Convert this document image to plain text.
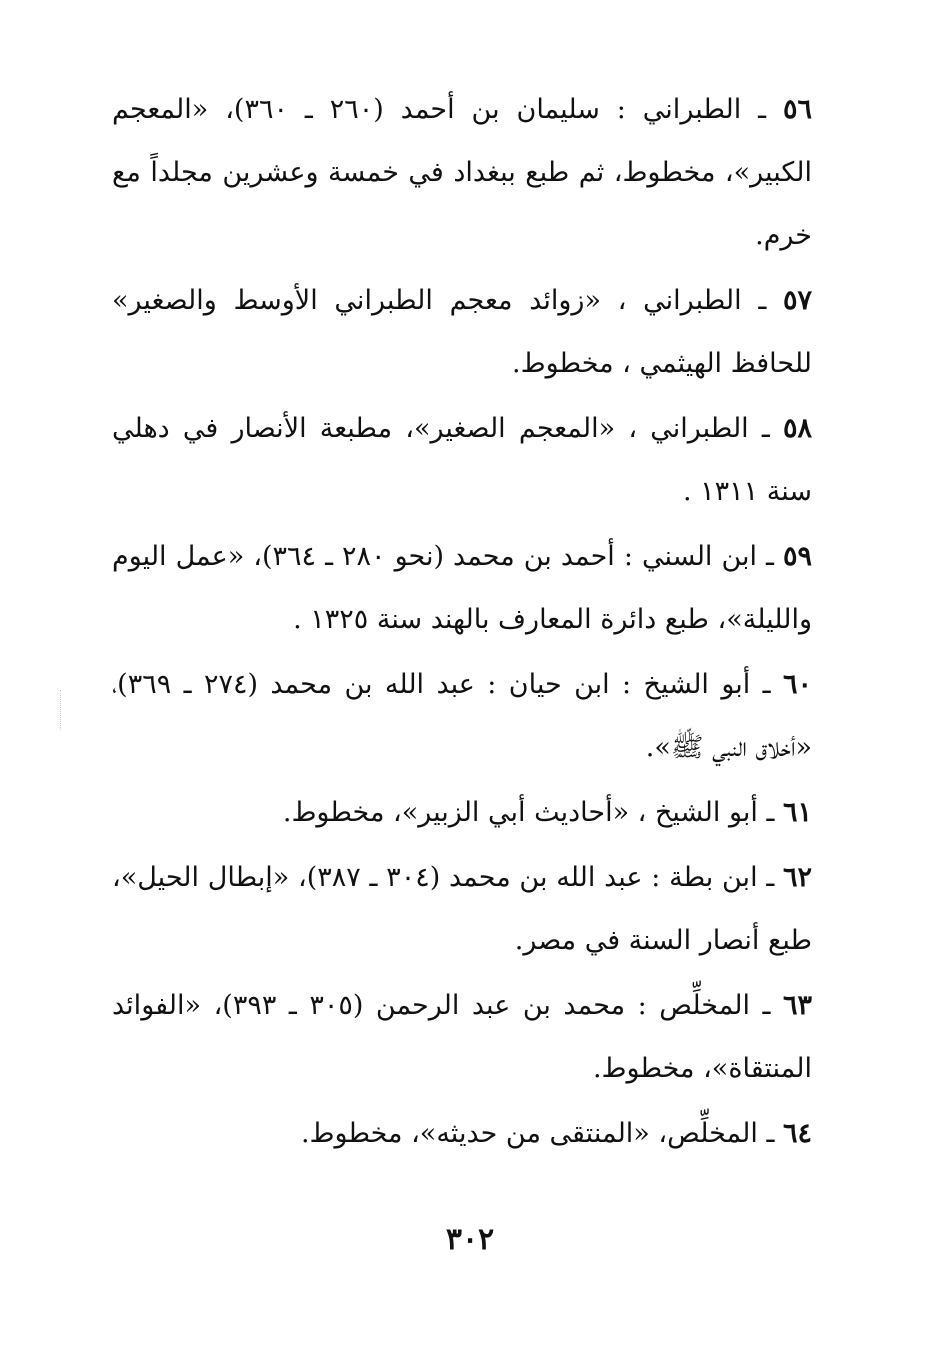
٥٦ ـ الطبراني : سليمان بن أحمد (٢٦٠ ـ ٣٦٠)، «المعجم الكبير»، مخطوط، ثم طبع ببغداد في خمسة وعشرين مجلداً مع خرم.

٥٧ ـ الطبراني ، «زوائد معجم الطبراني الأوسط والصغير» للحافظ الهيثمي ، مخطوط.

٥٨ ـ الطبراني ، «المعجم الصغير»، مطبعة الأنصار في دهلي سنة ١٣١١ .

٥٩ ـ ابن السني : أحمد بن محمد (نحو ٢٨٠ ـ ٣٦٤)، «عمل اليوم والليلة»، طبع دائرة المعارف بالهند سنة ١٣٢٥ .

٦٠ ـ أبو الشيخ : ابن حيان : عبد الله بن محمد (٢٧٤ ـ ٣٦٩)، «أخلاق النبي ﷺ».

٦١ ـ أبو الشيخ ، «أحاديث أبي الزبير»، مخطوط.

٦٢ ـ ابن بطة : عبد الله بن محمد (٣٠٤ ـ ٣٨٧)، «إبطال الحيل»، طبع أنصار السنة في مصر.

٦٣ ـ المخلِّص : محمد بن عبد الرحمن (٣٠٥ ـ ٣٩٣)، «الفوائد المنتقاة»، مخطوط.

٦٤ ـ المخلِّص، «المنتقى من حديثه»، مخطوط.

٣٠٢
